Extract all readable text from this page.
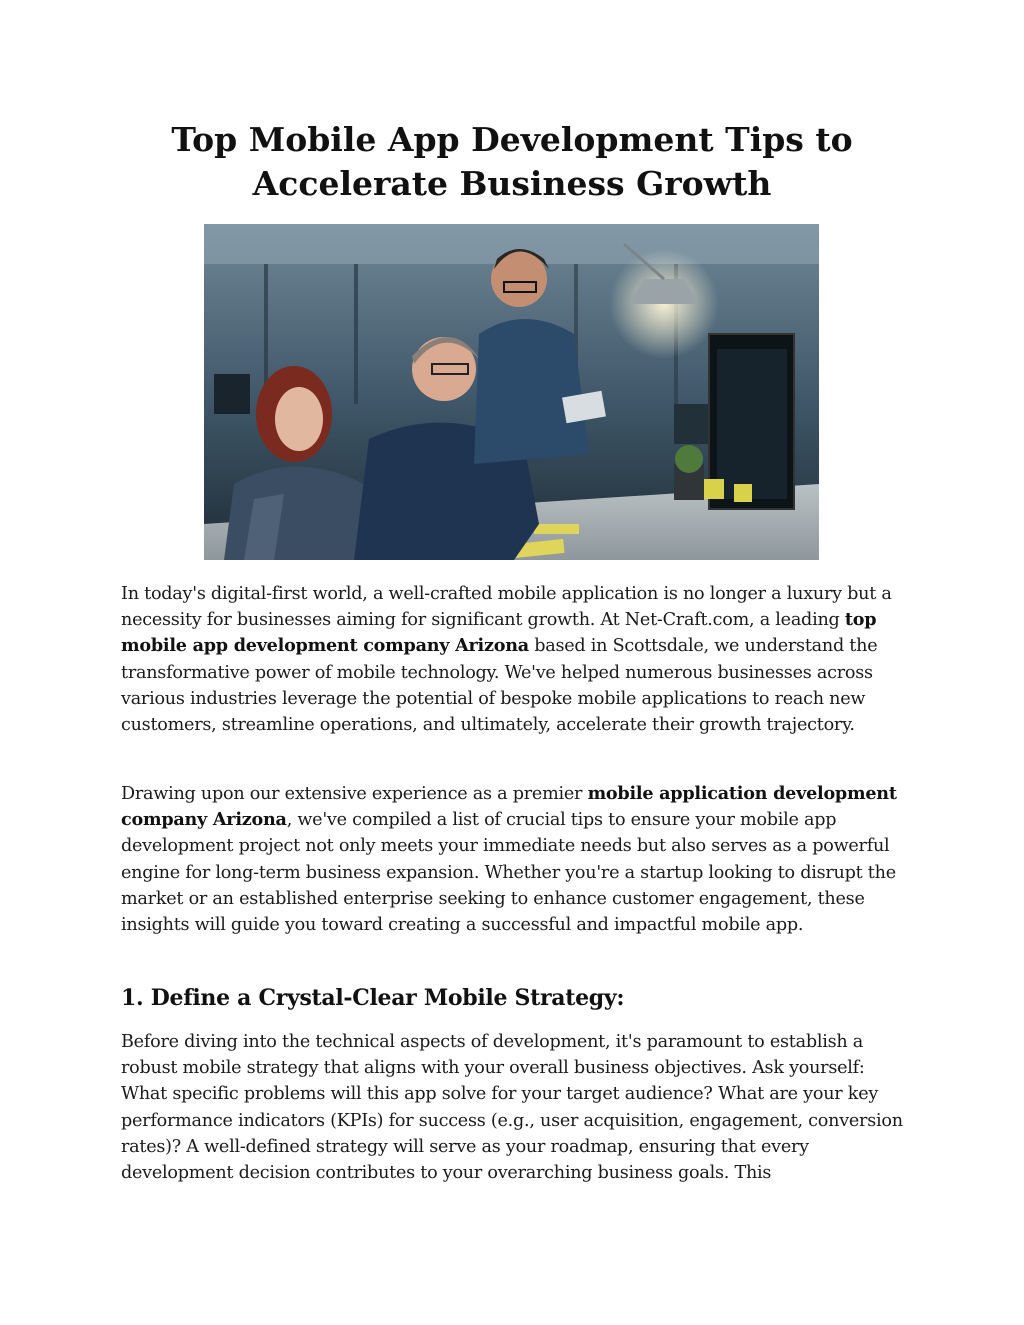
Top Mobile App Development Tips to Accelerate Business Growth

In today's digital-first world, a well-crafted mobile application is no longer a luxury but a necessity for businesses aiming for significant growth. At Net-Craft.com, a leading top mobile app development company Arizona based in Scottsdale, we understand the transformative power of mobile technology. We've helped numerous businesses across various industries leverage the potential of bespoke mobile applications to reach new customers, streamline operations, and ultimately, accelerate their growth trajectory.

Drawing upon our extensive experience as a premier mobile application development company Arizona, we've compiled a list of crucial tips to ensure your mobile app development project not only meets your immediate needs but also serves as a powerful engine for long-term business expansion. Whether you're a startup looking to disrupt the market or an established enterprise seeking to enhance customer engagement, these insights will guide you toward creating a successful and impactful mobile app.

1. Define a Crystal-Clear Mobile Strategy:

Before diving into the technical aspects of development, it's paramount to establish a robust mobile strategy that aligns with your overall business objectives. Ask yourself: What specific problems will this app solve for your target audience? What are your key performance indicators (KPIs) for success (e.g., user acquisition, engagement, conversion rates)? A well-defined strategy will serve as your roadmap, ensuring that every development decision contributes to your overarching business goals. This
